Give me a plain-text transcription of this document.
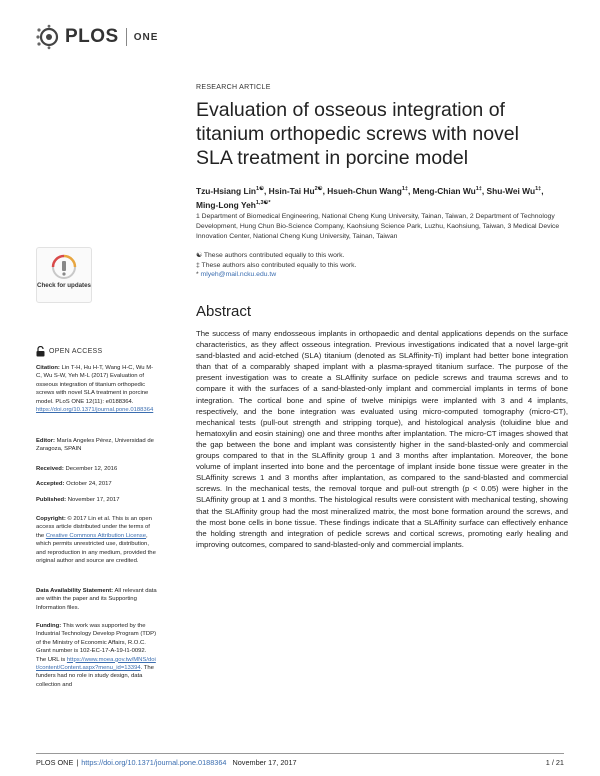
PLOS ONE
RESEARCH ARTICLE
Evaluation of osseous integration of titanium orthopedic screws with novel SLA treatment in porcine model
Tzu-Hsiang Lin$^{1☯}$, Hsin-Tai $Hu^{2☯}$, Hsueh-Chun Wang$^{1\ddagger}$, Meng-Chian $Wu^{1\ddagger}$, Shu-Wei $Wu^{1\ddagger}$, Ming-Long Yeh$^{1,3☯*}$
1 Department of Biomedical Engineering, National Cheng Kung University, Tainan, Taiwan, 2 Department of Technology Development, Hung Chun Bio-Science Company, Kaohsiung Science Park, Luzhu, Kaohsiung, Taiwan, 3 Medical Device Innovation Center, National Cheng Kung University, Tainan, Taiwan
☯ These authors contributed equally to this work.
‡ These authors also contributed equally to this work.
* mlyeh@mail.ncku.edu.tw
Abstract
The success of many endosseous implants in orthopaedic and dental applications depends on the surface characteristics, as they affect osseous integration. Previous investigations indicated that a novel large-grit sand-blasted and acid-etched (SLA) titanium (denoted as SLAffinity-Ti) implant had better bone integration than that of a comparably shaped implant with a plasma-sprayed titanium surface. The purpose of the present investigation was to create a SLAffinity surface on pedicle screws and trauma screws and to compare it with the surfaces of a sand-blasted-only implant and commercial implants in terms of bone integration. The cortical bone and spine of twelve minipigs were implanted with 3 and 4 implants, respectively, and the bone integration was evaluated using micro-computed tomography (micro-CT), mechanical tests (pull-out strength and stripping torque), and histological analysis (toluidine blue and hematoxylin and eosin staining) one and three months after implantation. The micro-CT images showed that the gap between the bone and implant was consistently higher in the sand-blasted-only and commercial groups compared to that in the SLAffinity group 1 and 3 months after implantation. Moreover, the bone volume of implant inserted into bone and the percentage of implant inside bone tissue were greater in the SLAffinity screws 1 and 3 months after implantation, as compared to the sand-blasted and commercial screws. In the mechanical tests, the removal torque and pull-out strength (p < 0.05) were higher in the SLAffinity group at 1 and 3 months. The histological results were consistent with mechanical testing, showing that the SLAffinity group had the most mineralized matrix, the most bone formation around the screws, and the most bone cells in bone tissue. These findings indicate that a SLAffinity surface can effectively enhance the holding strength and integration of pedicle screws and cortical screws, promoting early healing and improving outcomes, compared to sand-blasted-only and commercial implants.
Check for updates
OPEN ACCESS
Citation: Lin T-H, Hu H-T, Wang H-C, Wu M-C, Wu S-W, Yeh M-L (2017) Evaluation of osseous integration of titanium orthopedic screws with novel SLA treatment in porcine model. PLoS ONE 12(11): e0188364. https://doi.org/10.1371/journal.pone.0188364
Editor: María Angeles Pérez, Universidad de Zaragoza, SPAIN
Received: December 12, 2016
Accepted: October 24, 2017
Published: November 17, 2017
Copyright: © 2017 Lin et al. This is an open access article distributed under the terms of the Creative Commons Attribution License, which permits unrestricted use, distribution, and reproduction in any medium, provided the original author and source are credited.
Data Availability Statement: All relevant data are within the paper and its Supporting Information files.
Funding: This work was supported by the Industrial Technology Develop Program (TDP) of the Ministry of Economic Affairs, R.O.C. Grant number is 102-EC-17-A-19-I1-0092. The URL is https://www.moea.gov.tw/MNS/doit/content/Content.aspx?menu_id=13394. The funders had no role in study design, data collection and
PLOS ONE | https://doi.org/10.1371/journal.pone.0188364 November 17, 2017	1 / 21
